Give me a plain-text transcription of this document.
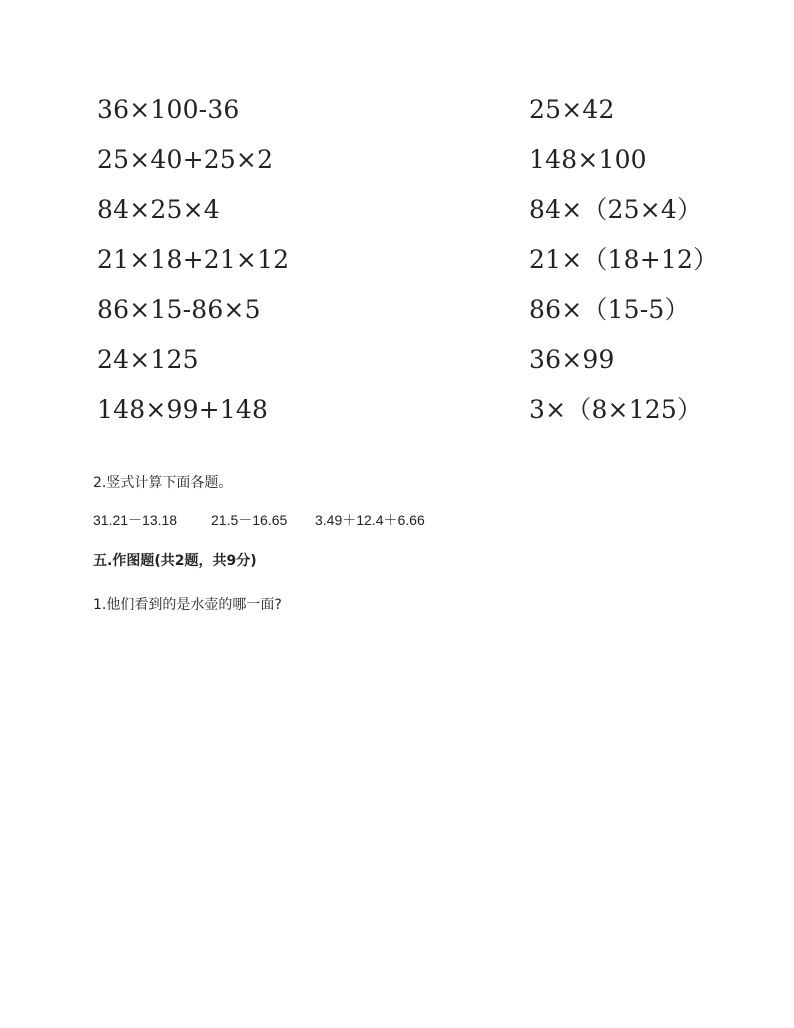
36×100-36	25×42
25×40+25×2	148×100
84×25×4	84×（25×4）
21×18+21×12	21×（18+12）
86×15-86×5	86×（15-5）
24×125	36×99
148×99+148	3×（8×125）
2.竖式计算下面各题。
31.21－13.18 21.5－16.65 3.49＋12.4＋6.66
五.作图题(共2题，共9分)
1.他们看到的是水壶的哪一面?
